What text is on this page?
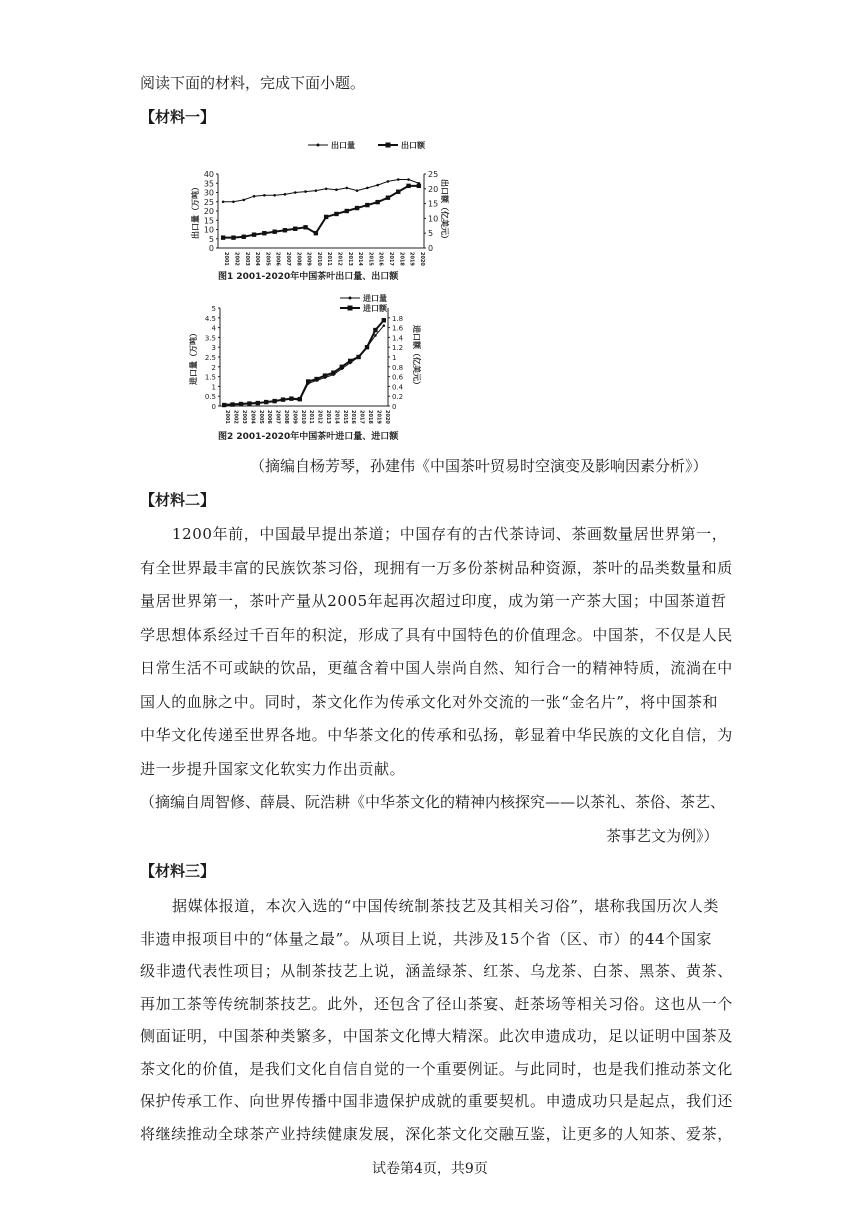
阅读下面的材料，完成下面小题。
【材料一】
0
5
10
15
20
25
30
35
40
0
5
10
15
20
25
2001 2002 2003 2004 2005 2006 2007 2008 2009 2010 2011 2012 2013 2014 2015 2016 2017 2018 2019 2020
出口量（万吨）	出口额（亿美元）
出口量	出口额
图1 2001-2020年中国茶叶出口量、出口额
0
0.5
1
1.5
2
2.5
3
3.5
4
4.5
5
0
0.2
0.4
0.6
0.8
1
1.2
1.4
1.6
1.8
2001 2002 2003 2004 2005 2006 2007 2008 2009 2010 2011 2012 2013 2014 2015 2016 2017 2018 2019 2020
进口量（万吨）	进口额（亿美元）
进口量
进口额
图2 2001-2020年中国茶叶进口量、进口额
（摘编自杨芳琴，孙建伟《中国茶叶贸易时空演变及影响因素分析》）
【材料二】
1200年前，中国最早提出茶道；中国存有的古代茶诗词、茶画数量居世界第一，
有全世界最丰富的民族饮茶习俗，现拥有一万多份茶树品种资源，茶叶的品类数量和质
量居世界第一，茶叶产量从2005年起再次超过印度，成为第一产茶大国；中国茶道哲
学思想体系经过千百年的积淀，形成了具有中国特色的价值理念。中国茶，不仅是人民
日常生活不可或缺的饮品，更蕴含着中国人崇尚自然、知行合一的精神特质，流淌在中
国人的血脉之中。同时，茶文化作为传承文化对外交流的一张“金名片”，将中国茶和
中华文化传递至世界各地。中华茶文化的传承和弘扬，彰显着中华民族的文化自信，为
进一步提升国家文化软实力作出贡献。
（摘编自周智修、薛晨、阮浩耕《中华茶文化的精神内核探究——以茶礼、茶俗、茶艺、
茶事艺文为例》）
【材料三】
据媒体报道，本次入选的“中国传统制茶技艺及其相关习俗”，堪称我国历次人类
非遗申报项目中的“体量之最”。从项目上说，共涉及15个省（区、市）的44个国家
级非遗代表性项目；从制茶技艺上说，涵盖绿茶、红茶、乌龙茶、白茶、黑茶、黄茶、
再加工茶等传统制茶技艺。此外，还包含了径山茶宴、赶茶场等相关习俗。这也从一个
侧面证明，中国茶种类繁多，中国茶文化博大精深。此次申遗成功，足以证明中国茶及
茶文化的价值，是我们文化自信自觉的一个重要例证。与此同时，也是我们推动茶文化
保护传承工作、向世界传播中国非遗保护成就的重要契机。申遗成功只是起点，我们还
将继续推动全球茶产业持续健康发展，深化茶文化交融互鉴，让更多的人知茶、爱茶，
试卷第4页，共9页
